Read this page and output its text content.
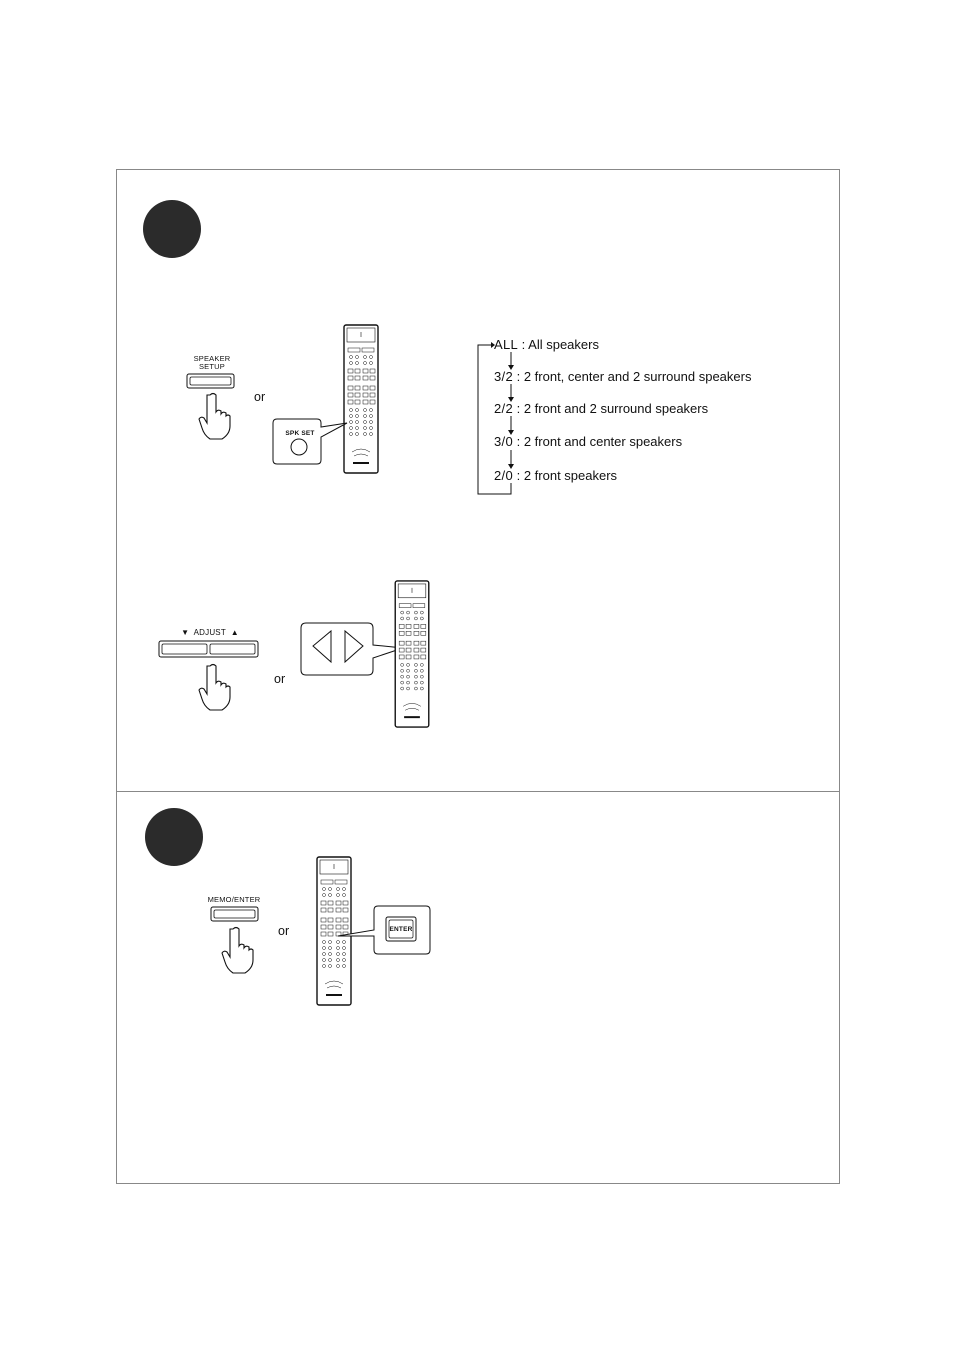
SPEAKER
SETUP
or
SPK SET
ALL : All speakers
3/2 : 2 front, center and 2 surround speakers
2/2 : 2 front and 2 surround speakers
3/0 : 2 front and center speakers
2/0 : 2 front speakers
▼ ADJUST ▲
or
MEMO/ENTER
or	ENTER
